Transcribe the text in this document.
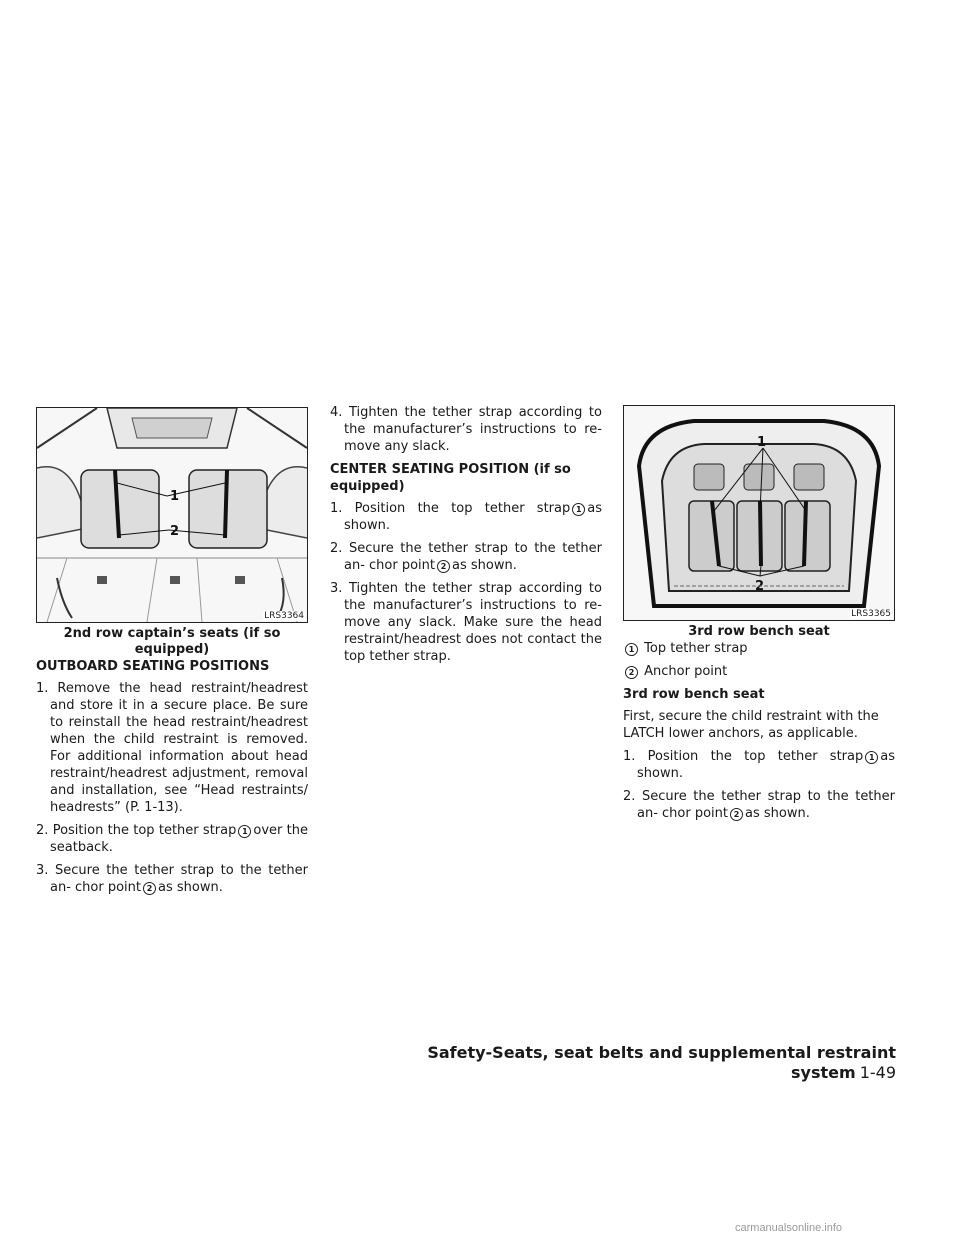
1
2
LRS3364
2nd row captain’s seats (if so equipped)
OUTBOARD SEATING POSITIONS
1. Remove the head restraint/headrest and store it in a secure place. Be sure to reinstall the head restraint/headrest when the child restraint is removed. For additional information about head restraint/headrest adjustment, removal and installation, see “Head restraints/ headrests” (P. 1-13).
2. Position the top tether strap 1 over the seatback.
3. Secure the tether strap to the tether an- chor point 2 as shown.
4. Tighten the tether strap according to the manufacturer’s instructions to re- move any slack.
CENTER SEATING POSITION (if so equipped)
1. Position the top tether strap 1 as shown.
2. Secure the tether strap to the tether an- chor point 2 as shown.
3. Tighten the tether strap according to the manufacturer’s instructions to re- move any slack. Make sure the head restraint/headrest does not contact the top tether strap.
1
2
LRS3365
3rd row bench seat
1 Top tether strap
2 Anchor point
3rd row bench seat

First, secure the child restraint with the LATCH lower anchors, as applicable.

1. Position the top tether strap 1 as shown.
2. Secure the tether strap to the tether an- chor point 2 as shown.
Safety-Seats, seat belts and supplemental restraint system 1-49
carmanualsonline.info
